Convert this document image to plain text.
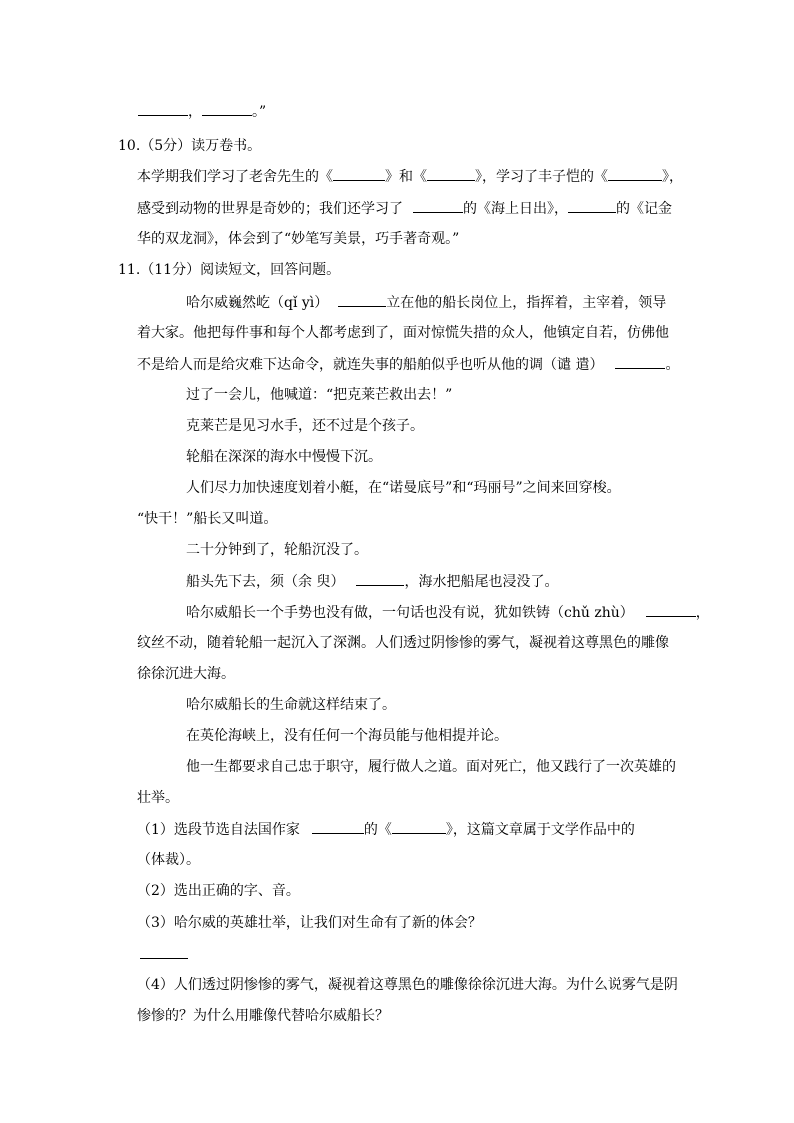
，	。”
10.（5分）读万卷书。
本学期我们学习了老舍先生的《	》和《	》，学习了丰子恺的《	》，
感受到动物的世界是奇妙的；我们还学习了	的《海上日出》，	的《记金
华的双龙洞》，体会到了“妙笔写美景，巧手著奇观。”
11.（11分）阅读短文，回答问题。
哈尔威巍然屹（qǐ yì）	立在他的船长岗位上，指挥着，主宰着，领导
着大家。他把每件事和每个人都考虑到了，面对惊慌失措的众人，他镇定自若，仿佛他
不是给人而是给灾难下达命令，就连失事的船舶似乎也听从他的调（谴 遣）	。
过了一会儿，他喊道：“把克莱芒救出去！”
克莱芒是见习水手，还不过是个孩子。
轮船在深深的海水中慢慢下沉。
人们尽力加快速度划着小艇，在“诺曼底号”和“玛丽号”之间来回穿梭。
“快干！”船长又叫道。
二十分钟到了，轮船沉没了。
船头先下去，须（余 臾）	，海水把船尾也浸没了。
哈尔威船长一个手势也没有做，一句话也没有说，犹如铁铸（chǔ zhù）	，
纹丝不动，随着轮船一起沉入了深渊。人们透过阴惨惨的雾气，凝视着这尊黑色的雕像
徐徐沉进大海。
哈尔威船长的生命就这样结束了。
在英伦海峡上，没有任何一个海员能与他相提并论。
他一生都要求自己忠于职守，履行做人之道。面对死亡，他又践行了一次英雄的
壮举。
（1）选段节选自法国作家	的《	》，这篇文章属于文学作品中的
（体裁）。
（2）选出正确的字、音。
（3）哈尔威的英雄壮举，让我们对生命有了新的体会？
（4）人们透过阴惨惨的雾气，凝视着这尊黑色的雕像徐徐沉进大海。为什么说雾气是阴
惨惨的？为什么用雕像代替哈尔威船长？
